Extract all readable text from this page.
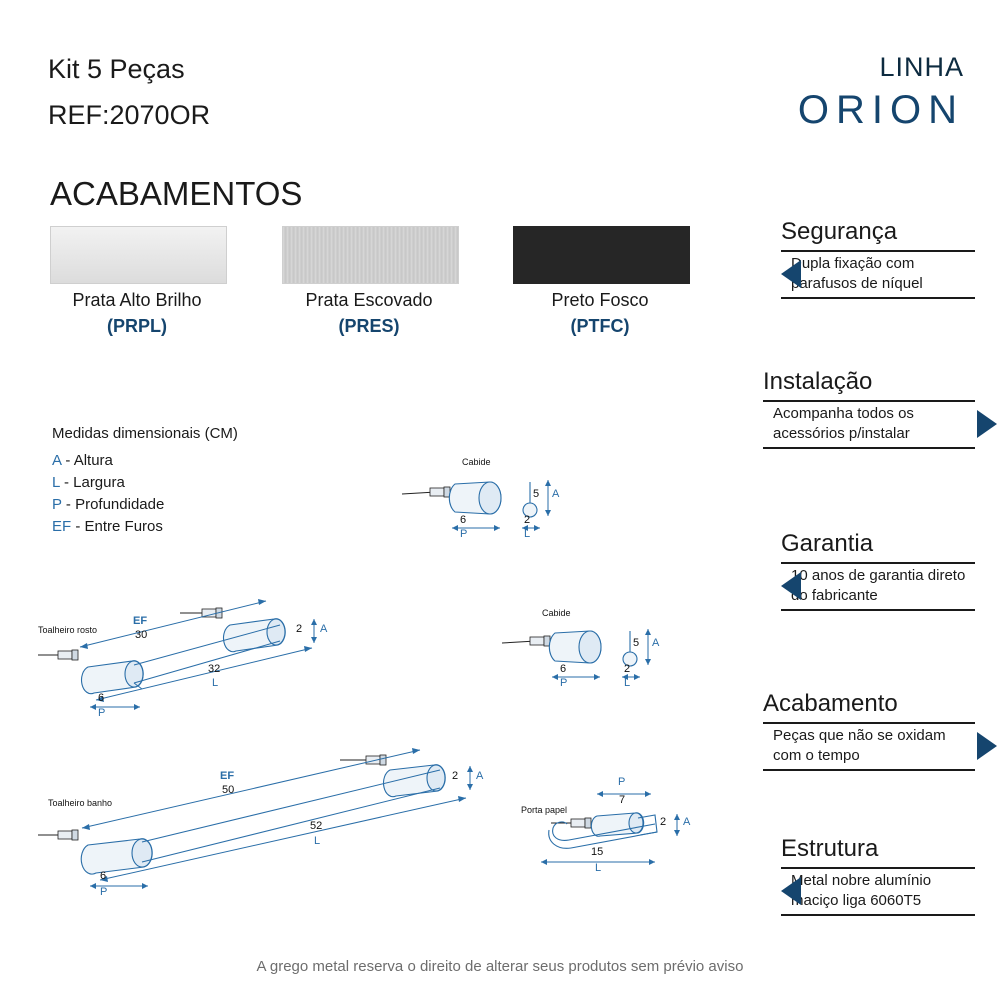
Kit 5 Peças
REF:2070OR
LINHA
ORION
ACABAMENTOS
Prata Alto Brilho
(PRPL)
Prata Escovado
(PRES)
Preto Fosco
(PTFC)
Medidas dimensionais (CM)
A - Altura
L - Largura
P - Profundidade
EF - Entre Furos
Segurança
Dupla fixação com parafusos de níquel
Instalação
Acompanha todos os acessórios p/instalar
Garantia
10 anos de garantia direto do fabricante
Acabamento
Peças que não se oxidam com o tempo
Estrutura
Metal nobre alumínio maciço liga 6060T5
Cabide
6
P
2
L
5 A
Cabide
6
P
2
L
5 A
Toalheiro rosto
EF
30
32
L
6
P
2 A
Toalheiro banho
EF
50
52
L
6
P
2 A
Porta papel
P
7
15
L
2 A
A grego metal reserva o direito de alterar seus produtos sem prévio aviso
